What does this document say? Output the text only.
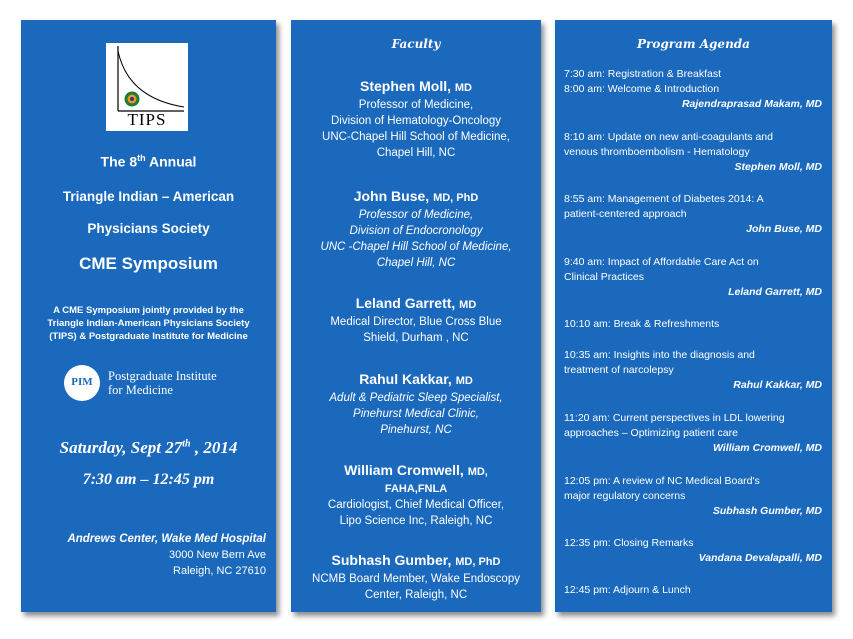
TIPS
The 8th Annual
Triangle Indian – American
Physicians Society
CME Symposium
A CME Symposium jointly provided by the Triangle Indian-American Physicians Society (TIPS) & Postgraduate Institute for Medicine
PIM	Postgraduate Institute
for Medicine
Saturday, Sept 27th , 2014
7:30 am – 12:45 pm
Andrews Center, Wake Med Hospital
3000 New Bern Ave
Raleigh, NC 27610
Faculty
Stephen Moll, MD
Professor of Medicine,
Division of Hematology-Oncology
UNC-Chapel Hill School of Medicine,
Chapel Hill, NC
John Buse, MD, PhD
Professor of Medicine,
Division of Endocronology
UNC -Chapel Hill School of Medicine,
Chapel Hill, NC
Leland Garrett, MD
Medical Director, Blue Cross Blue
Shield, Durham , NC
Rahul Kakkar, MD
Adult & Pediatric Sleep Specialist,
Pinehurst Medical Clinic,
Pinehurst, NC
William Cromwell, MD,
FAHA,FNLA
Cardiologist, Chief Medical Officer,
Lipo Science Inc, Raleigh, NC
Subhash Gumber, MD, PhD
NCMB Board Member, Wake Endoscopy
Center, Raleigh, NC
Program Agenda
7:30 am: Registration & Breakfast
8:00 am: Welcome & Introduction
Rajendraprasad Makam, MD
8:10 am: Update on new anti-coagulants and
venous thromboembolism - Hematology
Stephen Moll, MD
8:55 am: Management of Diabetes 2014: A
patient-centered approach
John Buse, MD
9:40 am: Impact of Affordable Care Act on
Clinical Practices
Leland Garrett, MD
10:10 am: Break & Refreshments
10:35 am: Insights into the diagnosis and
treatment of narcolepsy
Rahul Kakkar, MD
11:20 am: Current perspectives in LDL lowering
approaches – Optimizing patient care
William Cromwell, MD
12:05 pm: A review of NC Medical Board's
major regulatory concerns
Subhash Gumber, MD
12:35 pm: Closing Remarks
Vandana Devalapalli, MD
12:45 pm: Adjourn & Lunch
